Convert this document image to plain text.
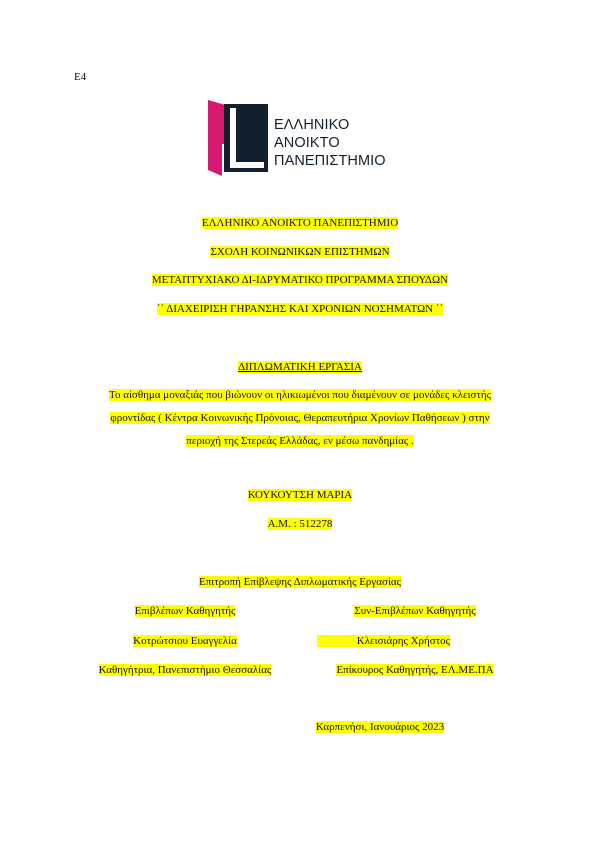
E4
ΕΛΛΗΝΙΚΟ
ΑΝΟΙΚΤΟ
ΠΑΝΕΠΙΣΤΗΜΙΟ
ΕΛΛΗΝΙΚΟ ΑΝΟΙΚΤΟ ΠΑΝΕΠΙΣΤΗΜΙΟ
ΣΧΟΛΗ ΚΟΙΝΩΝΙΚΩΝ ΕΠΙΣΤΗΜΩΝ
ΜΕΤΑΠΤΥΧΙΑΚΟ ΔΙ-ΙΔΡΥΜΑΤΙΚΟ ΠΡΟΓΡΑΜΜΑ ΣΠΟΥΔΩΝ
΄΄ ΔΙΑΧΕΙΡΙΣΗ ΓΗΡΑΝΣΗΣ ΚΑΙ ΧΡΟΝΙΩΝ ΝΟΣΗΜΑΤΩΝ ΄΄
ΔΙΠΛΩΜΑΤΙΚΗ ΕΡΓΑΣΙΑ
Το αίσθημα μοναξιάς που βιώνουν οι ηλικιωμένοι που διαμένουν σε μονάδες κλειστής
φροντίδας ( Κέντρα Κοινωνικής Πρόνοιας, Θεραπευτήρια Χρονίων Παθήσεων ) στην
περιοχή της Στερεάς Ελλάδας, εν μέσω πανδημίας .
ΚΟΥΚΟΥΤΣΗ ΜΑΡΙΑ
Α.Μ. : 512278
Επιτροπή Επίβλεψης Διπλωματικής Εργασίας
Επιβλέπων Καθηγητής	Συν-Επιβλέπων Καθηγητής
Κοτρώτσιου Ευαγγελία	Κλεισιάρης Χρήστος
Καθηγήτρια, Πανεπιστήμιο Θεσσαλίας	Επίκουρος Καθηγητής, ΕΛ.ΜΕ.ΠΑ
Καρπενήσι, Ιανουάριος 2023
